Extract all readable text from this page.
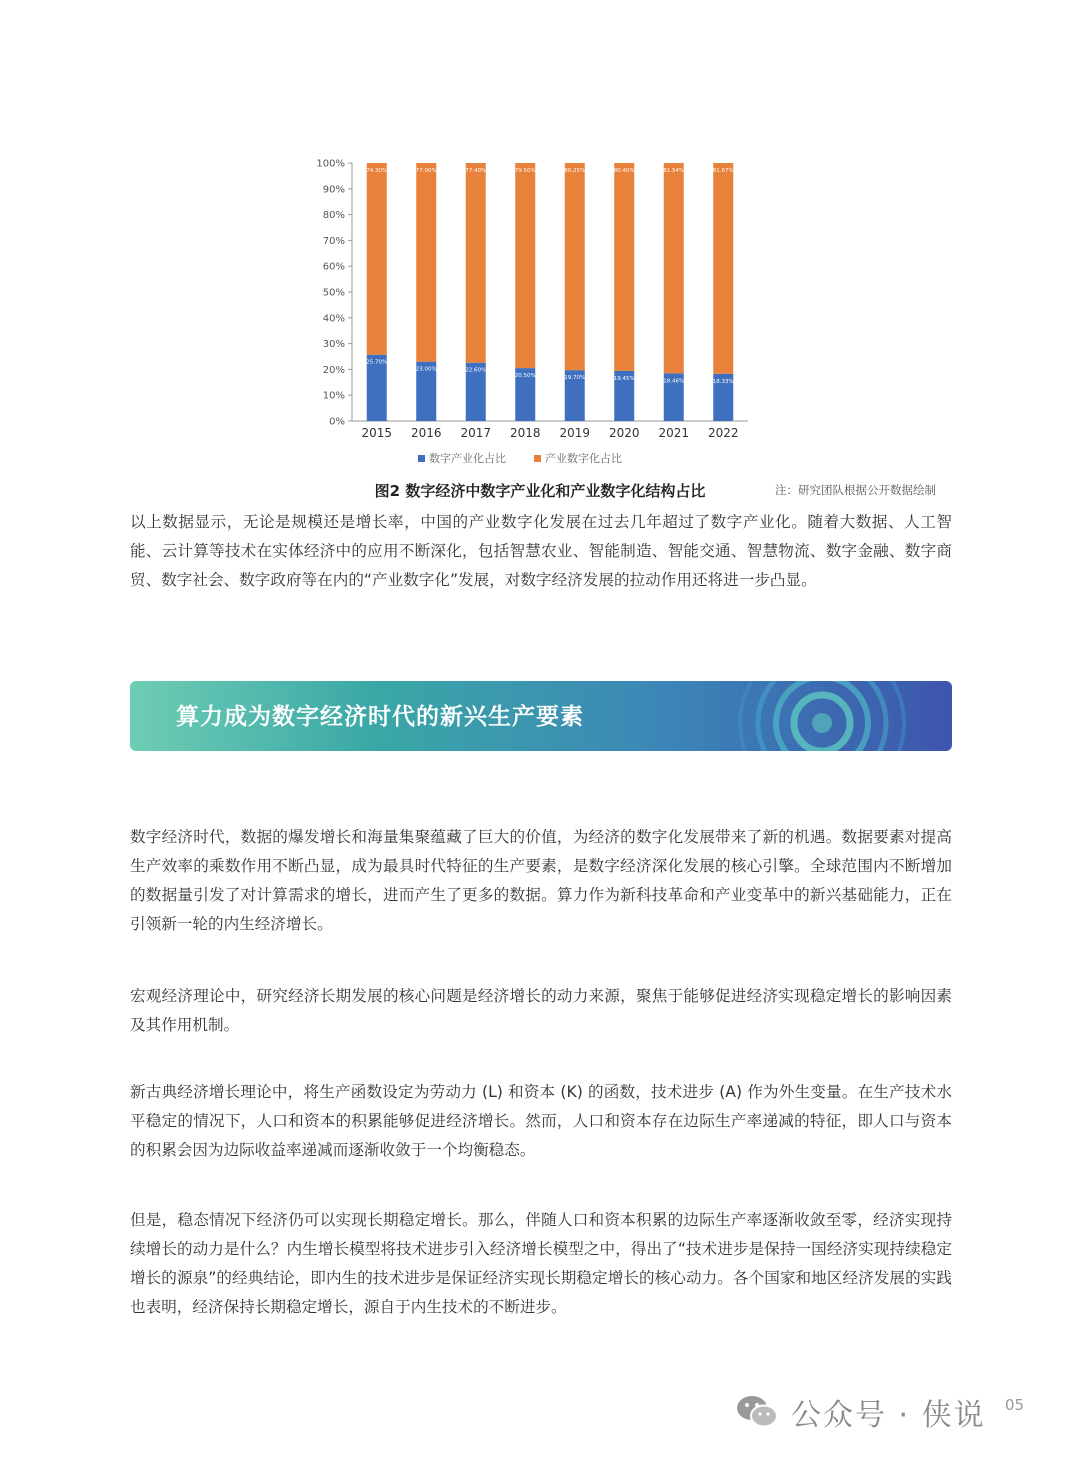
0%
10%
20%
30%
40%
50%
60%
70%
80%
90%
100%
25.70%
74.30%
2015
23.00%
77.00%
2016
22.60%
77.40%
2017
20.50%
79.50%
2018
19.70%
80.25%
2019
19.45%
80.40%
2020
18.46%
81.54%
2021
18.33%
81.67%
2022
数字产业化占比	产业数字化占比
图2 数字经济中数字产业化和产业数字化结构占比	注：研究团队根据公开数据绘制

以上数据显示，无论是规模还是增长率，中国的产业数字化发展在过去几年超过了数字产业化。随着大数据、人工智能、云计算等技术在实体经济中的应用不断深化，包括智慧农业、智能制造、智能交通、智慧物流、数字金融、数字商贸、数字社会、数字政府等在内的“产业数字化”发展，对数字经济发展的拉动作用还将进一步凸显。

算力成为数字经济时代的新兴生产要素

数字经济时代，数据的爆发增长和海量集聚蕴藏了巨大的价值，为经济的数字化发展带来了新的机遇。数据要素对提高生产效率的乘数作用不断凸显，成为最具时代特征的生产要素，是数字经济深化发展的核心引擎。全球范围内不断增加的数据量引发了对计算需求的增长，进而产生了更多的数据。算力作为新科技革命和产业变革中的新兴基础能力，正在引领新一轮的内生经济增长。

宏观经济理论中，研究经济长期发展的核心问题是经济增长的动力来源，聚焦于能够促进经济实现稳定增长的影响因素及其作用机制。

新古典经济增长理论中，将生产函数设定为劳动力 (L) 和资本 (K) 的函数，技术进步 (A) 作为外生变量。在生产技术水平稳定的情况下，人口和资本的积累能够促进经济增长。然而，人口和资本存在边际生产率递减的特征，即人口与资本的积累会因为边际收益率递减而逐渐收敛于一个均衡稳态。

但是，稳态情况下经济仍可以实现长期稳定增长。那么，伴随人口和资本积累的边际生产率逐渐收敛至零，经济实现持续增长的动力是什么？内生增长模型将技术进步引入经济增长模型之中，得出了“技术进步是保持一国经济实现持续稳定增长的源泉”的经典结论，即内生的技术进步是保证经济实现长期稳定增长的核心动力。各个国家和地区经济发展的实践也表明，经济保持长期稳定增长，源自于内生技术的不断进步。

公众号 · 侠说 05
